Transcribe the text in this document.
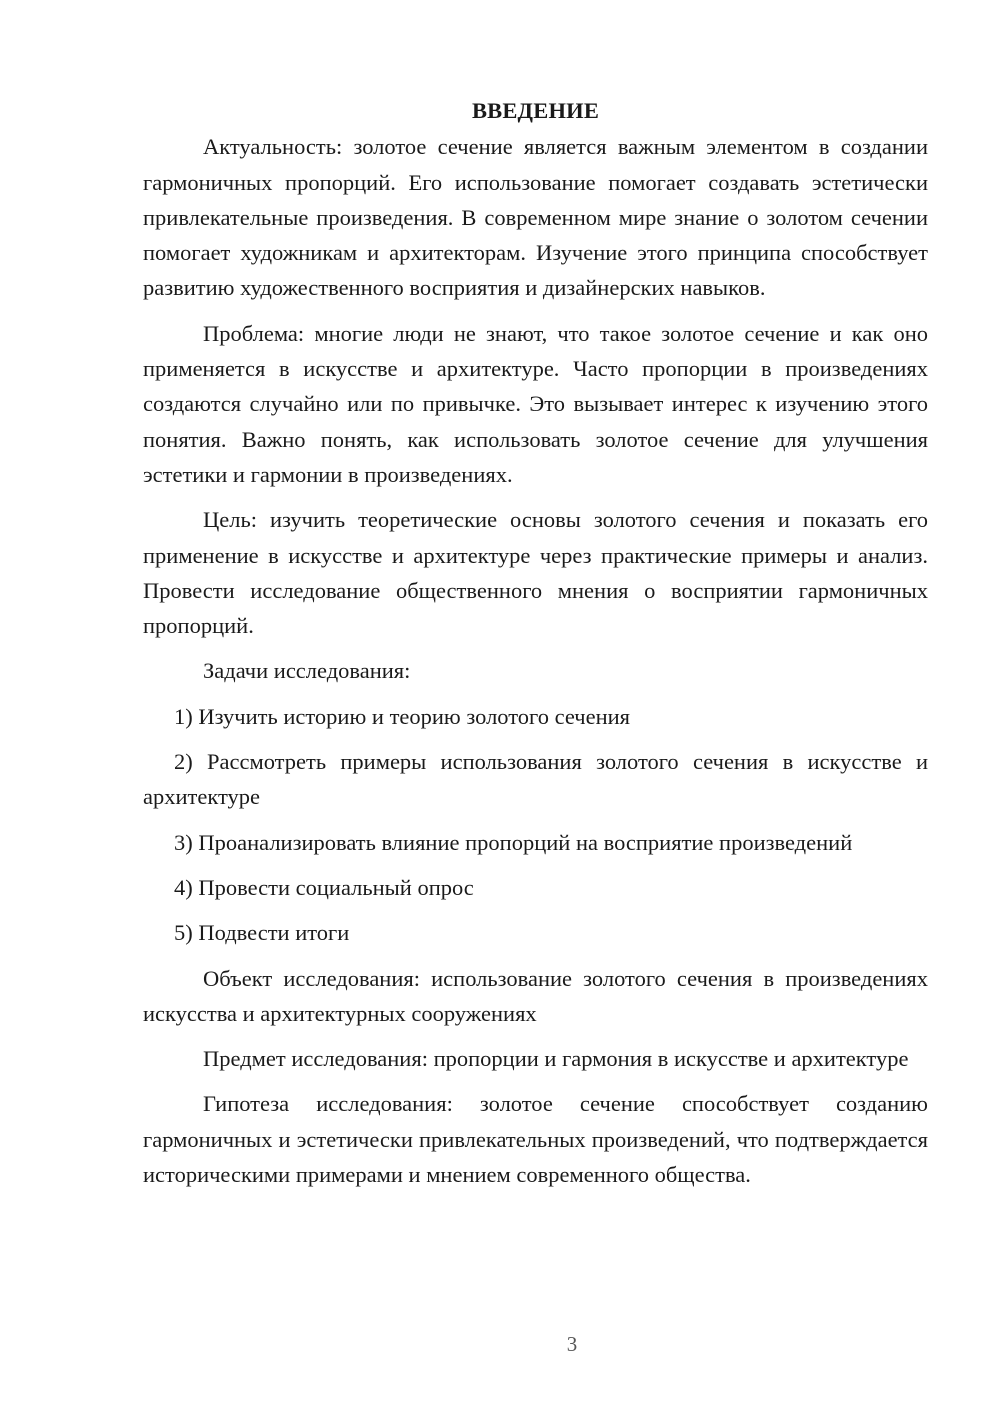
ВВЕДЕНИЕ

Актуальность: золотое сечение является важным элементом в создании гармоничных пропорций. Его использование помогает создавать эстетически привлекательные произведения. В современном мире знание о золотом сечении помогает художникам и архитекторам. Изучение этого принципа способствует развитию художественного восприятия и дизайнерских навыков.

Проблема: многие люди не знают, что такое золотое сечение и как оно применяется в искусстве и архитектуре. Часто пропорции в произведениях создаются случайно или по привычке. Это вызывает интерес к изучению этого понятия. Важно понять, как использовать золотое сечение для улучшения эстетики и гармонии в произведениях.

Цель: изучить теоретические основы золотого сечения и показать его применение в искусстве и архитектуре через практические примеры и анализ. Провести исследование общественного мнения о восприятии гармоничных пропорций.

Задачи исследования:

1) Изучить историю и теорию золотого сечения

2) Рассмотреть примеры использования золотого сечения в искусстве и архитектуре

3) Проанализировать влияние пропорций на восприятие произведений

4) Провести социальный опрос

5) Подвести итоги

Объект исследования: использование золотого сечения в произведениях искусства и архитектурных сооружениях

Предмет исследования: пропорции и гармония в искусстве и архитектуре

Гипотеза исследования: золотое сечение способствует созданию гармоничных и эстетически привлекательных произведений, что подтверждается историческими примерами и мнением современного общества.

3
